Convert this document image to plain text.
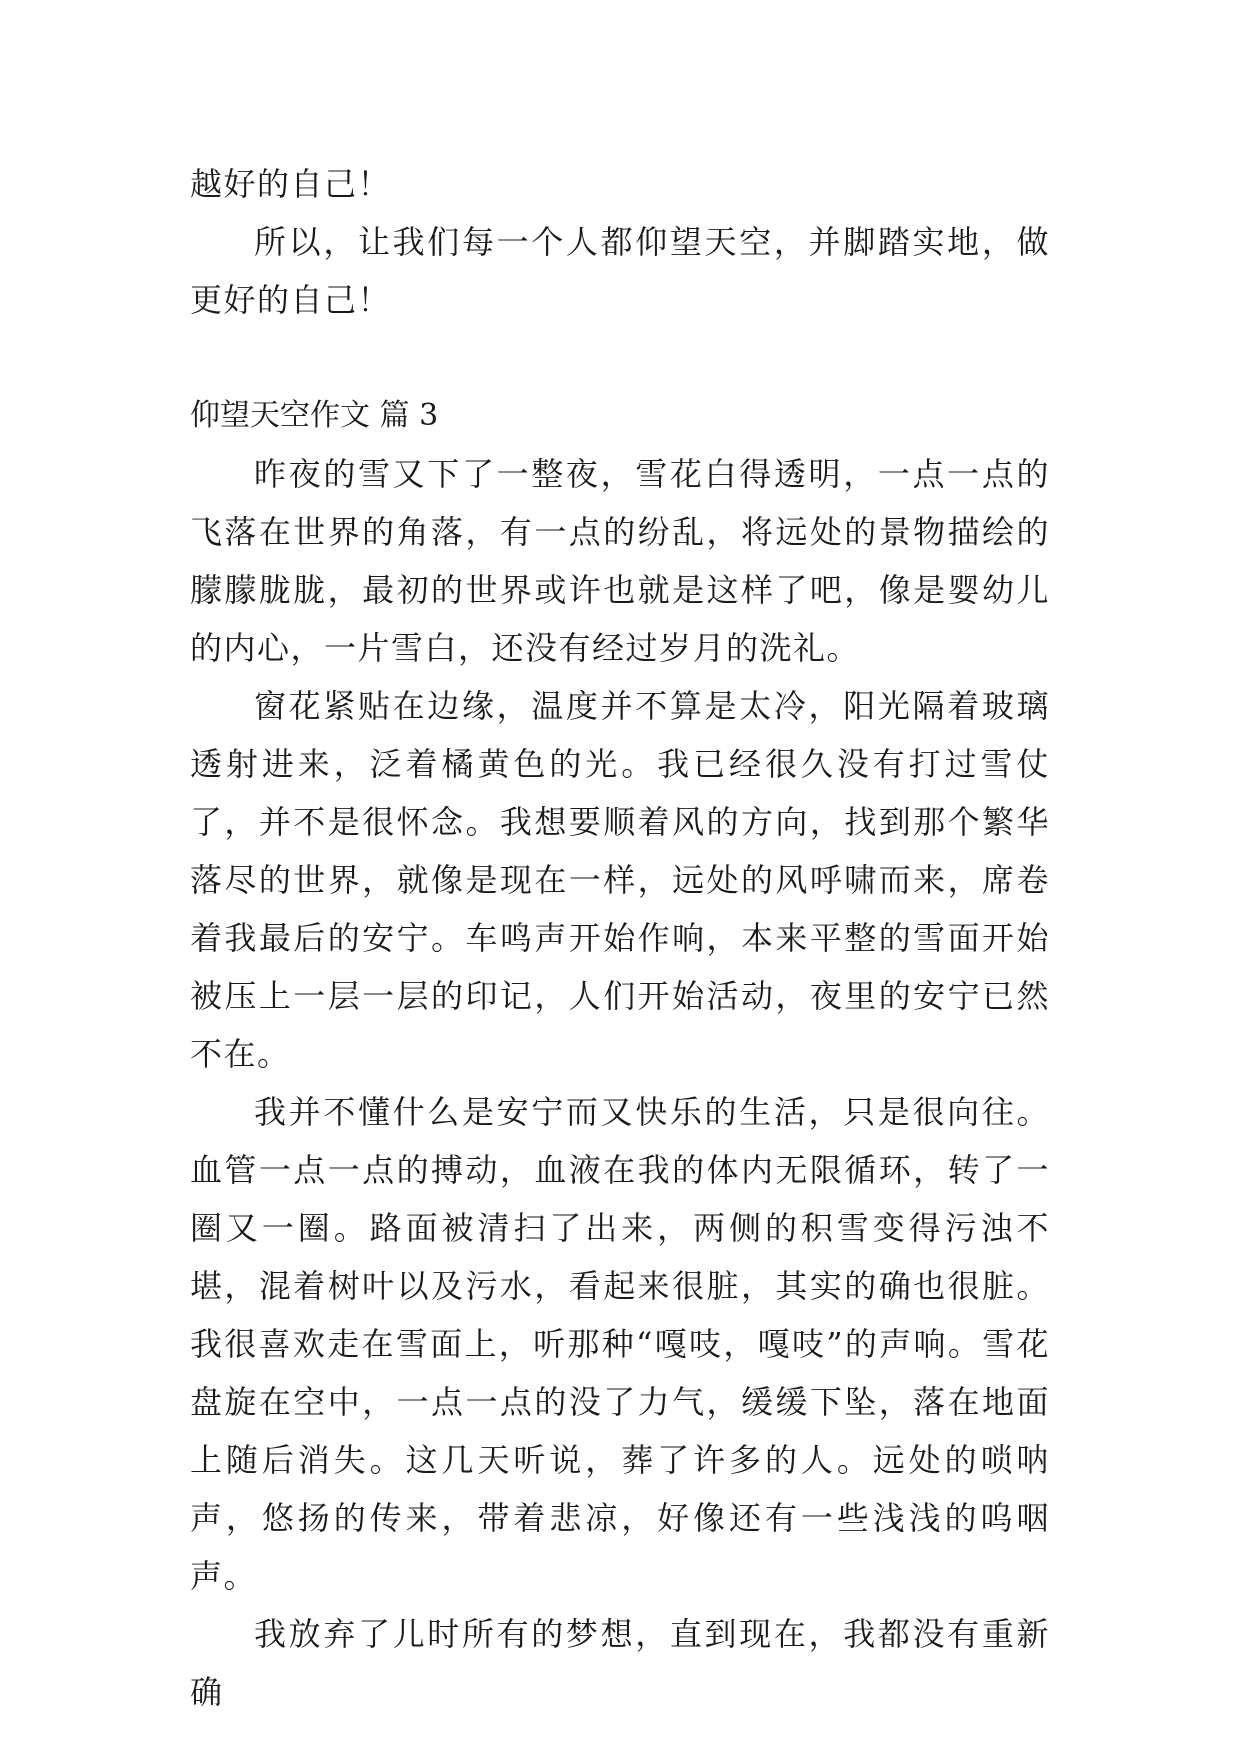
越好的自己！

所以，让我们每一个人都仰望天空，并脚踏实地，做更好的自己！

仰望天空作文 篇 3

昨夜的雪又下了一整夜，雪花白得透明，一点一点的飞落在世界的角落，有一点的纷乱，将远处的景物描绘的朦朦胧胧，最初的世界或许也就是这样了吧，像是婴幼儿的内心，一片雪白，还没有经过岁月的洗礼。

窗花紧贴在边缘，温度并不算是太冷，阳光隔着玻璃透射进来，泛着橘黄色的光。我已经很久没有打过雪仗了，并不是很怀念。我想要顺着风的方向，找到那个繁华落尽的世界，就像是现在一样，远处的风呼啸而来，席卷着我最后的安宁。车鸣声开始作响，本来平整的雪面开始被压上一层一层的印记，人们开始活动，夜里的安宁已然不在。

我并不懂什么是安宁而又快乐的生活，只是很向往。血管一点一点的搏动，血液在我的体内无限循环，转了一圈又一圈。路面被清扫了出来，两侧的积雪变得污浊不堪，混着树叶以及污水，看起来很脏，其实的确也很脏。我很喜欢走在雪面上，听那种“嘎吱，嘎吱”的声响。雪花盘旋在空中，一点一点的没了力气，缓缓下坠，落在地面上随后消失。这几天听说，葬了许多的人。远处的唢呐声，悠扬的传来，带着悲凉，好像还有一些浅浅的呜咽声。

我放弃了儿时所有的梦想，直到现在，我都没有重新确
